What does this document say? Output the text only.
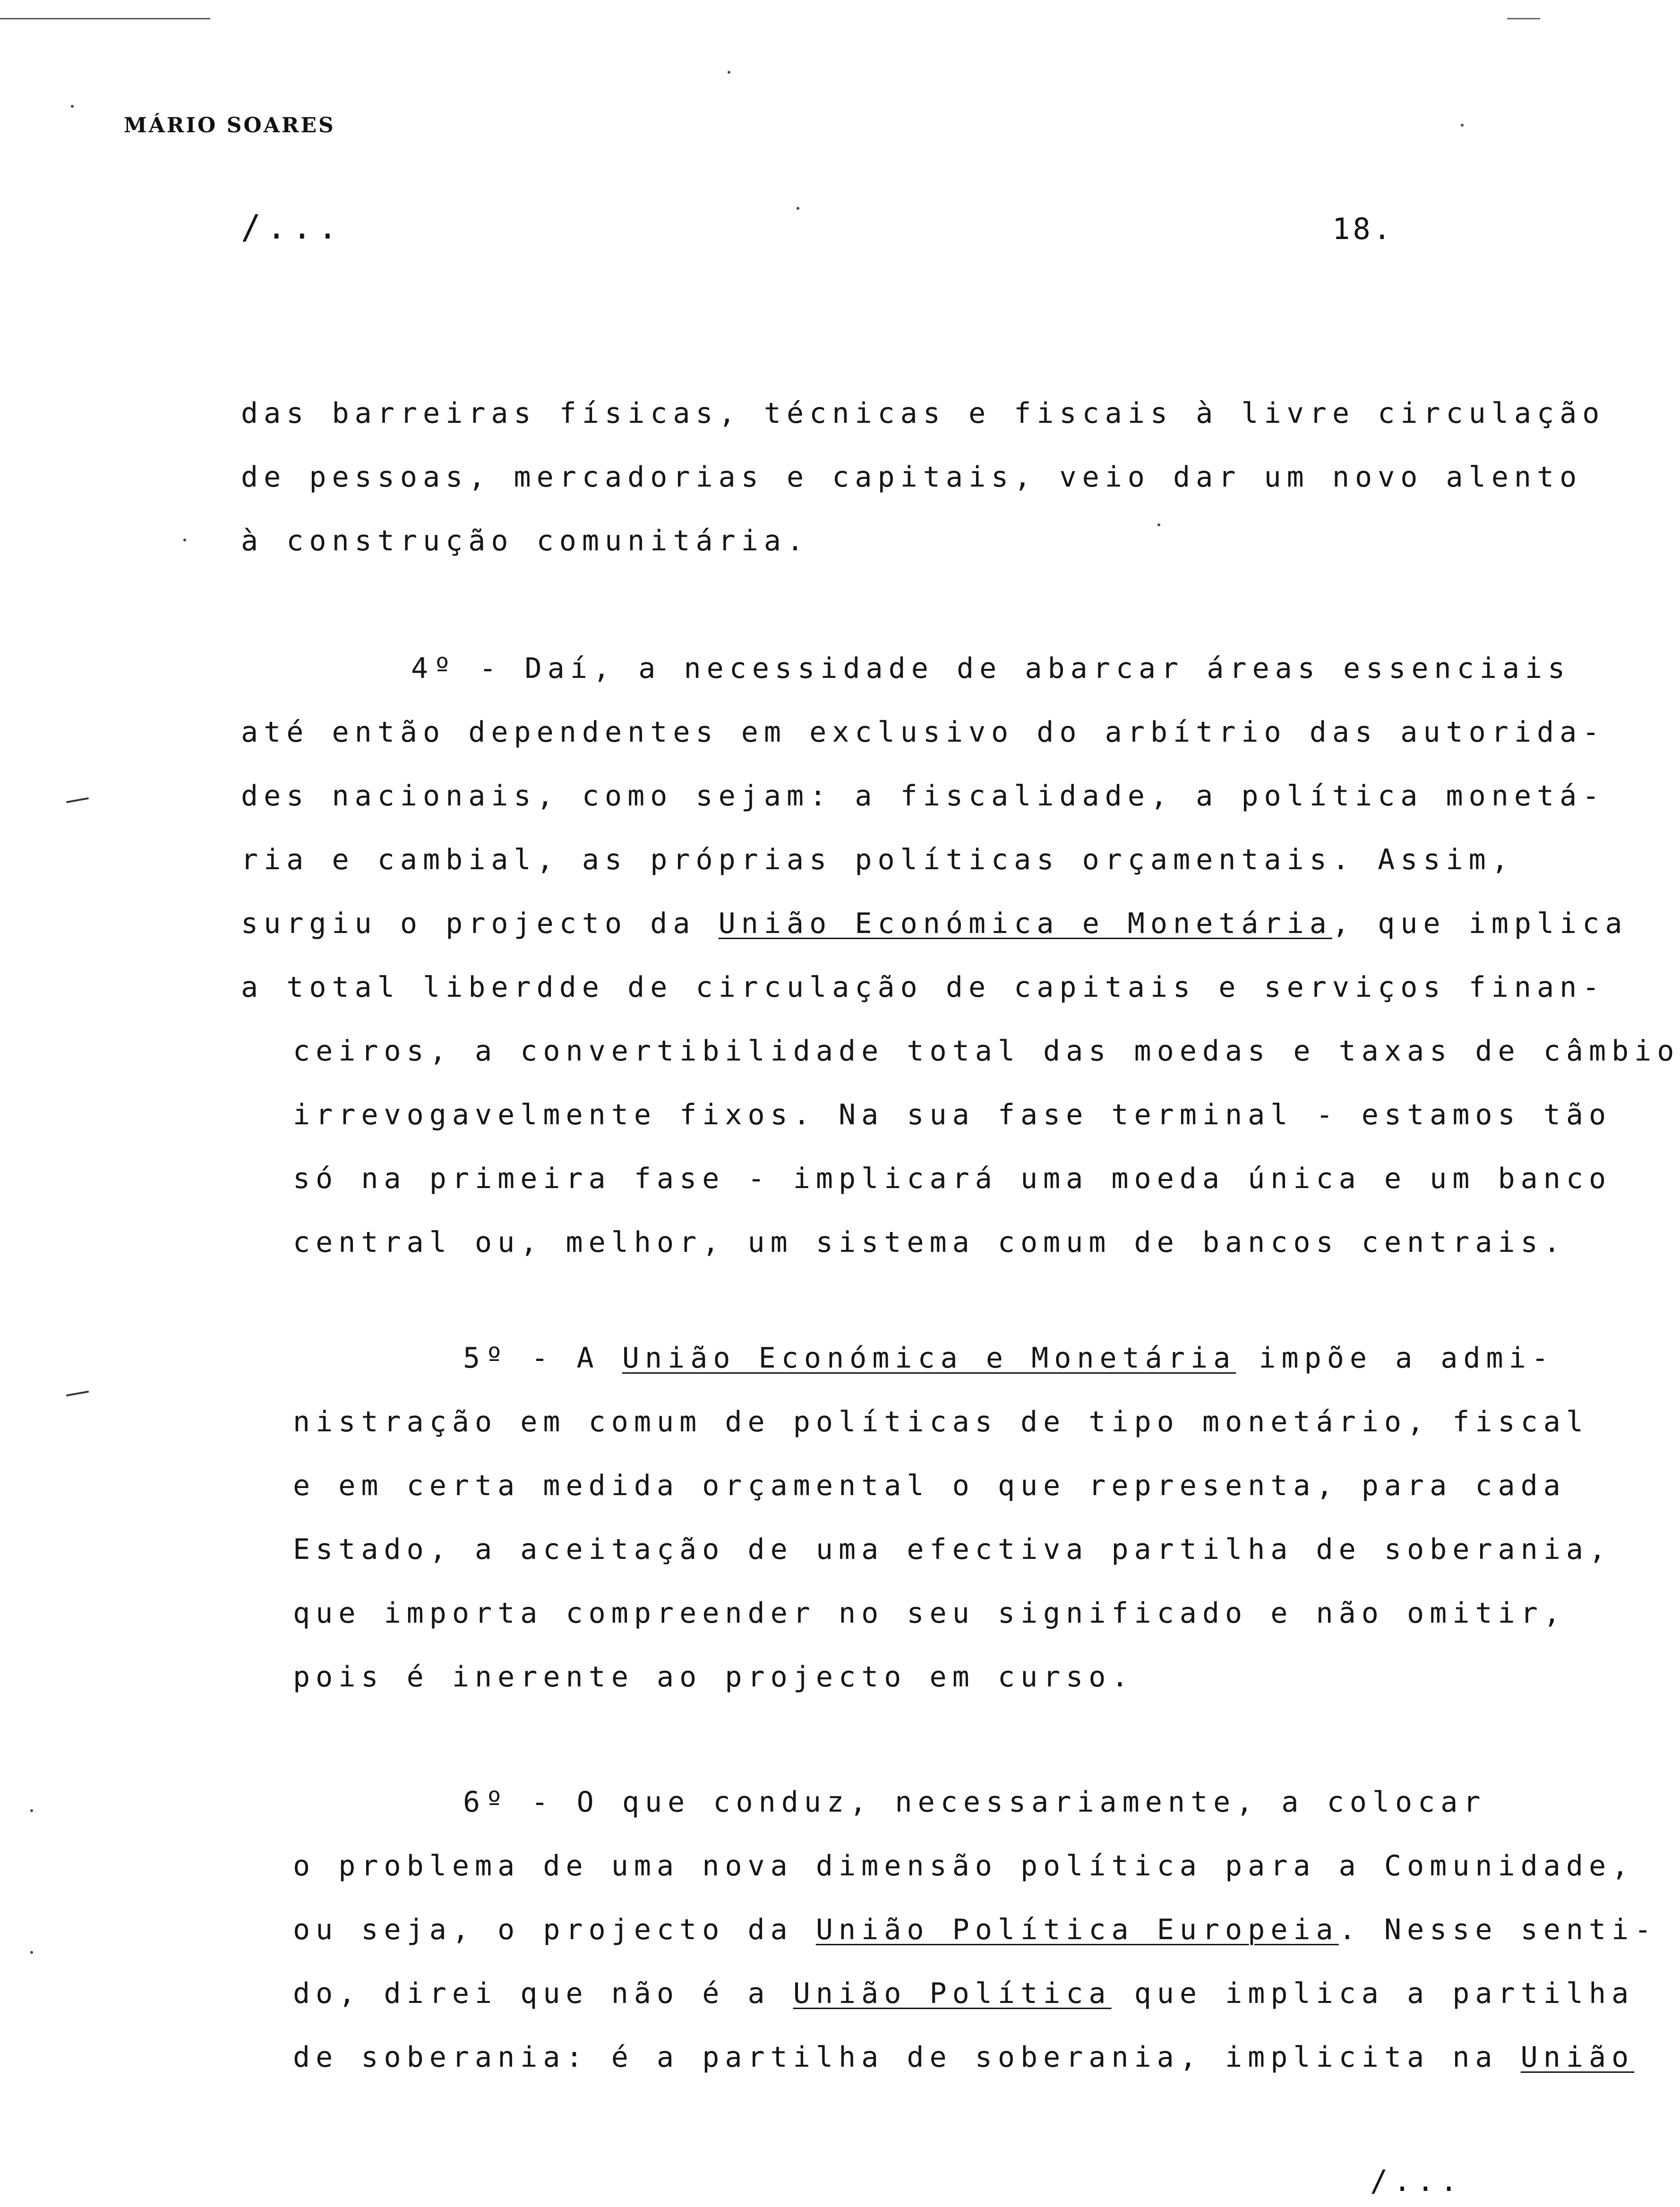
MÁRIO SOARES
/...	18.
das barreiras físicas, técnicas e fiscais à livre circulação
de pessoas, mercadorias e capitais, veio dar um novo alento
à construção comunitária.
4º - Daí, a necessidade de abarcar áreas essenciais
até então dependentes em exclusivo do arbítrio das autorida-
des nacionais, como sejam: a fiscalidade, a política monetá-
ria e cambial, as próprias políticas orçamentais. Assim,
surgiu o projecto da União Económica e Monetária, que implica
a total liberdde de circulação de capitais e serviços finan-
ceiros, a convertibilidade total das moedas e taxas de câmbio
irrevogavelmente fixos. Na sua fase terminal - estamos tão
só na primeira fase - implicará uma moeda única e um banco
central ou, melhor, um sistema comum de bancos centrais.
5º - A União Económica e Monetária impõe a admi-
nistração em comum de políticas de tipo monetário, fiscal
e em certa medida orçamental o que representa, para cada
Estado, a aceitação de uma efectiva partilha de soberania,
que importa compreender no seu significado e não omitir,
pois é inerente ao projecto em curso.
6º - O que conduz, necessariamente, a colocar
o problema de uma nova dimensão política para a Comunidade,
ou seja, o projecto da União Política Europeia. Nesse senti-
do, direi que não é a União Política que implica a partilha
de soberania: é a partilha de soberania, implicita na União
/...
